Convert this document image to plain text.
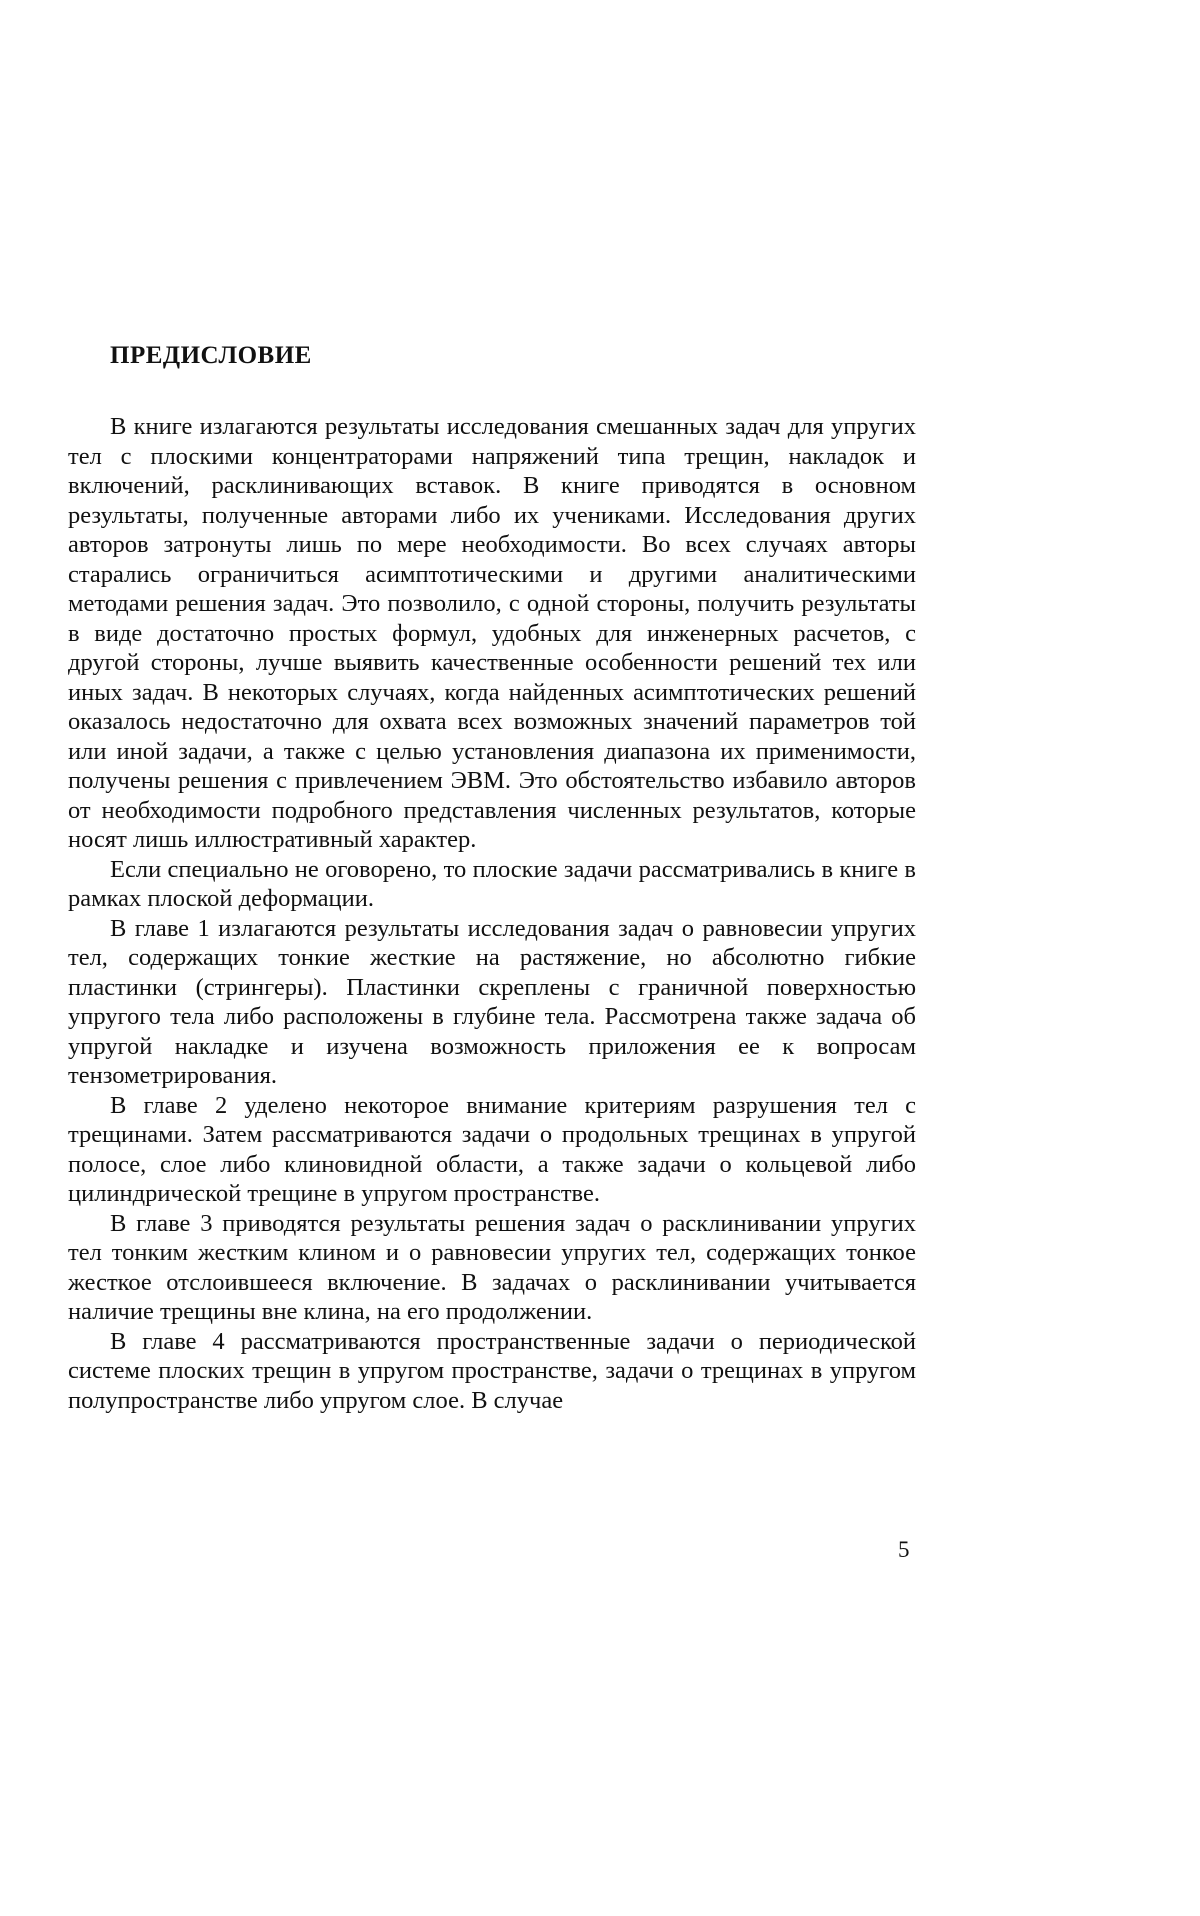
ПРЕДИСЛОВИЕ

В книге излагаются результаты исследования смешанных задач для упругих тел с плоскими концентраторами напряжений типа трещин, накладок и включений, расклинивающих вставок. В книге приводятся в основном результаты, полученные авторами либо их учениками. Исследования других авторов затронуты лишь по мере необходимости. Во всех случаях авторы старались ограничиться асимптотическими и другими аналитическими методами решения задач. Это позволило, с одной стороны, получить результаты в виде достаточно простых формул, удобных для инженерных расчетов, с другой стороны, лучше выявить качественные особенности решений тех или иных задач. В некоторых случаях, когда найденных асимптотических решений оказалось недостаточно для охвата всех возможных значений параметров той или иной задачи, а также с целью установления диапазона их применимости, получены решения с привлечением ЭВМ. Это обстоятельство избавило авторов от необходимости подробного представления численных результатов, которые носят лишь иллюстративный характер.

Если специально не оговорено, то плоские задачи рассматривались в книге в рамках плоской деформации.

В главе 1 излагаются результаты исследования задач о равновесии упругих тел, содержащих тонкие жесткие на растяжение, но абсолютно гибкие пластинки (стрингеры). Пластинки скреплены с граничной поверхностью упругого тела либо расположены в глубине тела. Рассмотрена также задача об упругой накладке и изучена возможность приложения ее к вопросам тензометрирования.

В главе 2 уделено некоторое внимание критериям разрушения тел с трещинами. Затем рассматриваются задачи о продольных трещинах в упругой полосе, слое либо клиновидной области, а также задачи о кольцевой либо цилиндрической трещине в упругом пространстве.

В главе 3 приводятся результаты решения задач о расклинивании упругих тел тонким жестким клином и о равновесии упругих тел, содержащих тонкое жесткое отслоившееся включение. В задачах о расклинивании учитывается наличие трещины вне клина, на его продолжении.

В главе 4 рассматриваются пространственные задачи о периодической системе плоских трещин в упругом пространстве, задачи о трещинах в упругом полупространстве либо упругом слое. В случае

5
